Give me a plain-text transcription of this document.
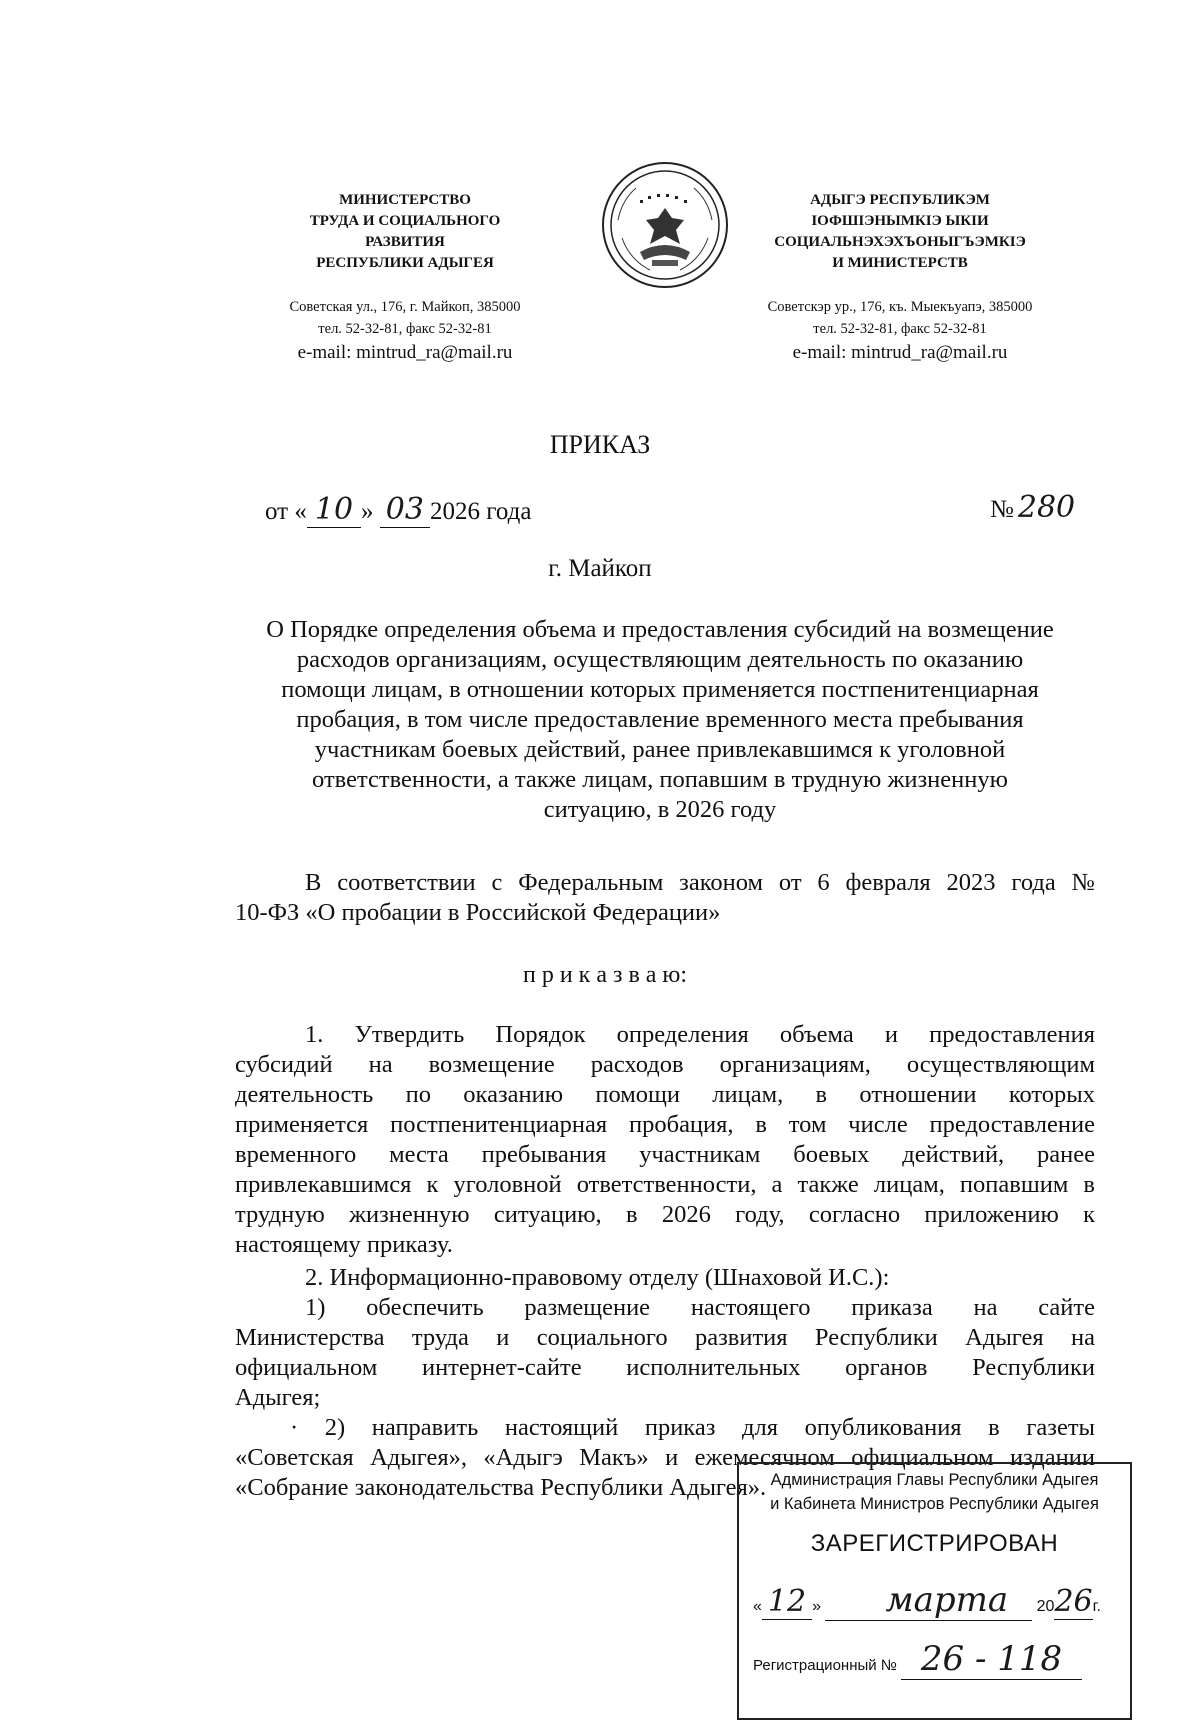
МИНИСТЕРСТВО
ТРУДА И СОЦИАЛЬНОГО
РАЗВИТИЯ
РЕСПУБЛИКИ АДЫГЕЯ
Советская ул., 176, г. Майкоп, 385000
тел. 52-32-81, факс 52-32-81
e-mail: mintrud_ra@mail.ru
АДЫГЭ РЕСПУБЛИКЭМ
IОФШIЭНЫМКIЭ ЫКIИ
СОЦИАЛЬНЭХЭХЪОНЫГЪЭМКIЭ
И МИНИСТЕРСТВ
Советскэр ур., 176, къ. Мыекъуапэ, 385000
тел. 52-32-81, факс 52-32-81
e-mail: mintrud_ra@mail.ru
ПРИКАЗ
от « 10 » 03 2026 года	№ 280
г. Майкоп
О Порядке определения объема и предоставления субсидий на возмещение
расходов организациям, осуществляющим деятельность по оказанию
помощи лицам, в отношении которых применяется постпенитенциарная
пробация, в том числе предоставление временного места пребывания
участникам боевых действий, ранее привлекавшимся к уголовной
ответственности, а также лицам, попавшим в трудную жизненную
ситуацию, в 2026 году
В соответствии с Федеральным законом от 6 февраля 2023 года №
10-ФЗ «О пробации в Российской Федерации»
п р и к а з в а ю:
1. Утвердить Порядок определения объема и предоставления
субсидий на возмещение расходов организациям, осуществляющим
деятельность по оказанию помощи лицам, в отношении которых
применяется постпенитенциарная пробация, в том числе предоставление
временного места пребывания участникам боевых действий, ранее
привлекавшимся к уголовной ответственности, а также лицам, попавшим в
трудную жизненную ситуацию, в 2026 году, согласно приложению к
настоящему приказу.
2. Информационно-правовому отделу (Шнаховой И.С.):
1) обеспечить размещение настоящего приказа на сайте
Министерства труда и социального развития Республики Адыгея на
официальном интернет-сайте исполнительных органов Республики
Адыгея;
· 2) направить настоящий приказ для опубликования в газеты
«Советская Адыгея», «Адыгэ Макъ» и ежемесячном официальном издании
«Собрание законодательства Республики Адыгея». Администрация Главы Республики Адыгея
и Кабинета Министров Республики Адыгея
ЗАРЕГИСТРИРОВАН
« 12 » марта 2026г.
Регистрационный № 26 - 118
